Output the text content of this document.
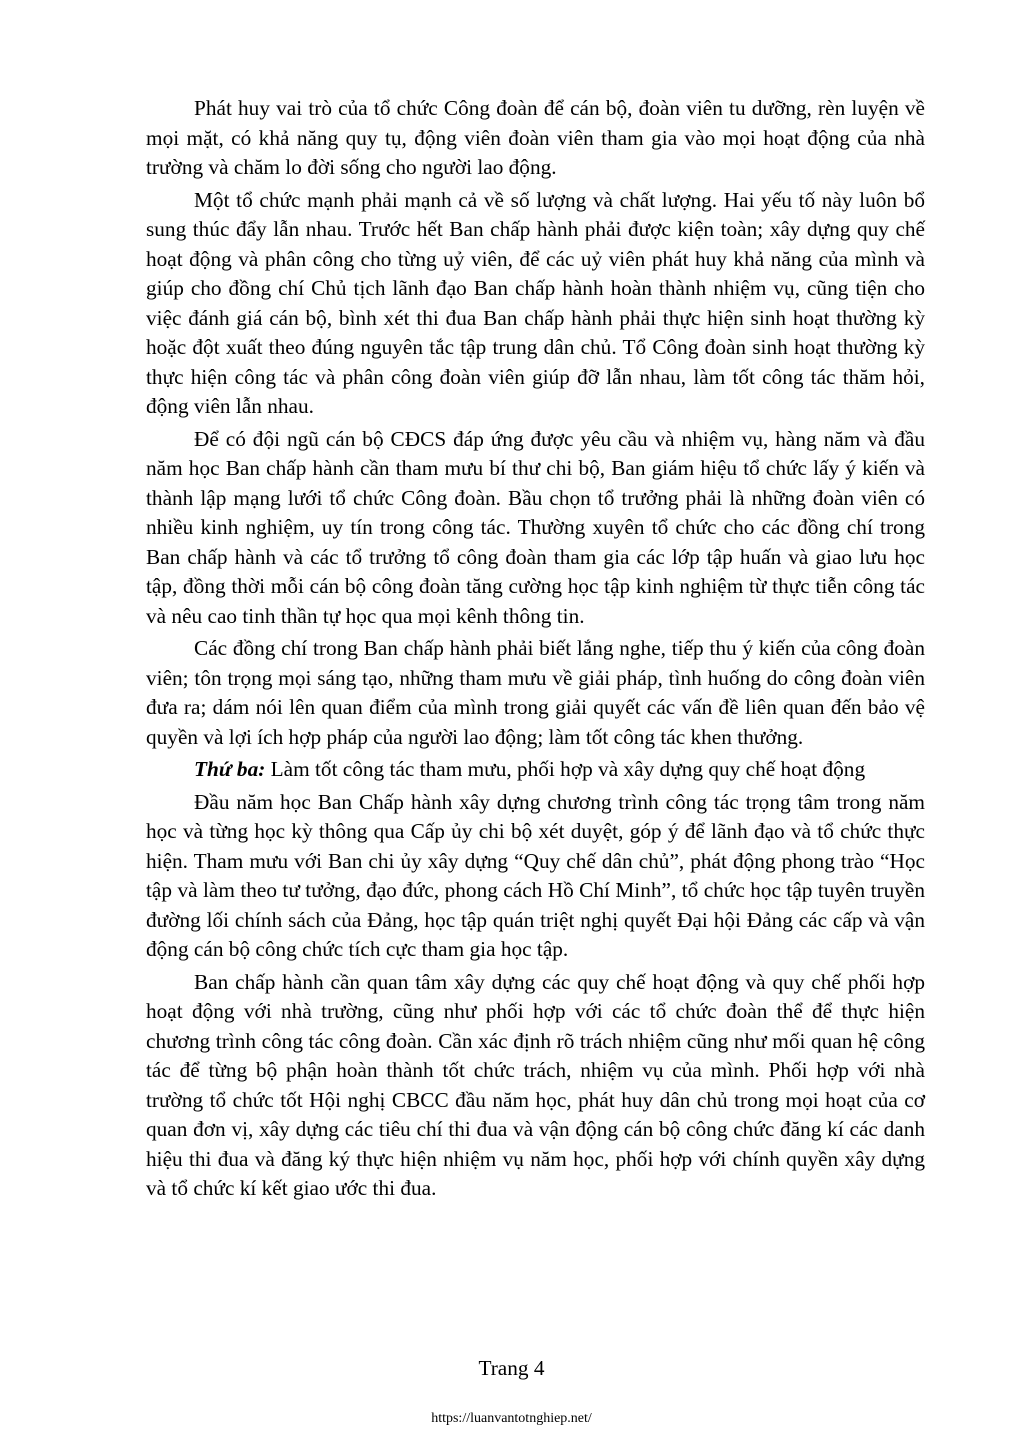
Phát huy vai trò của tổ chức Công đoàn để cán bộ, đoàn viên tu dưỡng, rèn luyện về mọi mặt, có khả năng quy tụ, động viên đoàn viên tham gia vào mọi hoạt động của nhà trường và chăm lo đời sống cho người lao động.

Một tổ chức mạnh phải mạnh cả về số lượng và chất lượng. Hai yếu tố này luôn bổ sung thúc đẩy lẫn nhau. Trước hết Ban chấp hành phải được kiện toàn; xây dựng quy chế hoạt động và phân công cho từng uỷ viên, để các uỷ viên phát huy khả năng của mình và giúp cho đồng chí Chủ tịch lãnh đạo Ban chấp hành hoàn thành nhiệm vụ, cũng tiện cho việc đánh giá cán bộ, bình xét thi đua Ban chấp hành phải thực hiện sinh hoạt thường kỳ hoặc đột xuất theo đúng nguyên tắc tập trung dân chủ. Tổ Công đoàn sinh hoạt thường kỳ thực hiện công tác và phân công đoàn viên giúp đỡ lẫn nhau, làm tốt công tác thăm hỏi, động viên lẫn nhau.

Để có đội ngũ cán bộ CĐCS đáp ứng được yêu cầu và nhiệm vụ, hàng năm và đầu năm học Ban chấp hành cần tham mưu bí thư chi bộ, Ban giám hiệu tổ chức lấy ý kiến và thành lập mạng lưới tổ chức Công đoàn. Bầu chọn tổ trưởng phải là những đoàn viên có nhiều kinh nghiệm, uy tín trong công tác. Thường xuyên tổ chức cho các đồng chí trong Ban chấp hành và các tổ trưởng tổ công đoàn tham gia các lớp tập huấn và giao lưu học tập, đồng thời mỗi cán bộ công đoàn tăng cường học tập kinh nghiệm từ thực tiễn công tác và nêu cao tinh thần tự học qua mọi kênh thông tin.

Các đồng chí trong Ban chấp hành phải biết lắng nghe, tiếp thu ý kiến của công đoàn viên; tôn trọng mọi sáng tạo, những tham mưu về giải pháp, tình huống do công đoàn viên đưa ra; dám nói lên quan điểm của mình trong giải quyết các vấn đề liên quan đến bảo vệ quyền và lợi ích hợp pháp của người lao động; làm tốt công tác khen thưởng.

Thứ ba: Làm tốt công tác tham mưu, phối hợp và xây dựng quy chế hoạt động

Đầu năm học Ban Chấp hành xây dựng chương trình công tác trọng tâm trong năm học và từng học kỳ thông qua Cấp ủy chi bộ xét duyệt, góp ý để lãnh đạo và tổ chức thực hiện. Tham mưu với Ban chi ủy xây dựng “Quy chế dân chủ”, phát động phong trào “Học tập và làm theo tư tưởng, đạo đức, phong cách Hồ Chí Minh”, tổ chức học tập tuyên truyền đường lối chính sách của Đảng, học tập quán triệt nghị quyết Đại hội Đảng các cấp và vận động cán bộ công chức tích cực tham gia học tập.

Ban chấp hành cần quan tâm xây dựng các quy chế hoạt động và quy chế phối hợp hoạt động với nhà trường, cũng như phối hợp với các tổ chức đoàn thể để thực hiện chương trình công tác công đoàn. Cần xác định rõ trách nhiệm cũng như mối quan hệ công tác để từng bộ phận hoàn thành tốt chức trách, nhiệm vụ của mình. Phối hợp với nhà trường tổ chức tốt Hội nghị CBCC đầu năm học, phát huy dân chủ trong mọi hoạt của cơ quan đơn vị, xây dựng các tiêu chí thi đua và vận động cán bộ công chức đăng kí các danh hiệu thi đua và đăng ký thực hiện nhiệm vụ năm học, phối hợp với chính quyền xây dựng và tổ chức kí kết giao ước thi đua.

Trang 4
https://luanvantotnghiep.net/
